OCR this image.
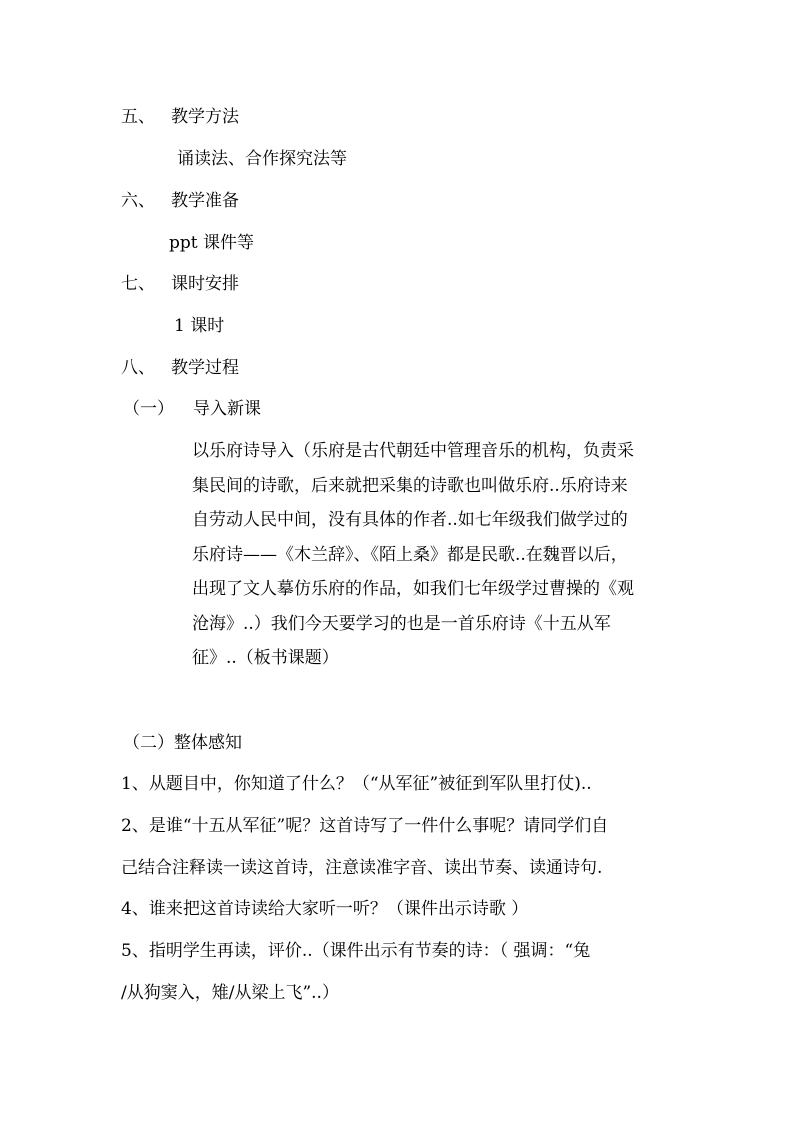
五、 教学方法
诵读法、合作探究法等
六、 教学准备
ppt 课件等
七、 课时安排
1 课时
八、 教学过程
（一） 导入新课
以乐府诗导入（乐府是古代朝廷中管理音乐的机构，负责采
集民间的诗歌，后来就把采集的诗歌也叫做乐府..乐府诗来
自劳动人民中间，没有具体的作者..如七年级我们做学过的
乐府诗——《木兰辞》、《陌上桑》都是民歌..在魏晋以后，
出现了文人摹仿乐府的作品，如我们七年级学过曹操的《观
沧海》..）我们今天要学习的也是一首乐府诗《十五从军
征》..（板书课题）
（二）整体感知
1、从题目中，你知道了什么？（“从军征”被征到军队里打仗)..
2、是谁“十五从军征”呢？这首诗写了一件什么事呢？请同学们自
己结合注释读一读这首诗，注意读准字音、读出节奏、读通诗句.
4、谁来把这首诗读给大家听一听？（课件出示诗歌 ）
5、指明学生再读，评价..（课件出示有节奏的诗：（ 强调：“兔
/从狗窦入，雉/从梁上飞”..）
